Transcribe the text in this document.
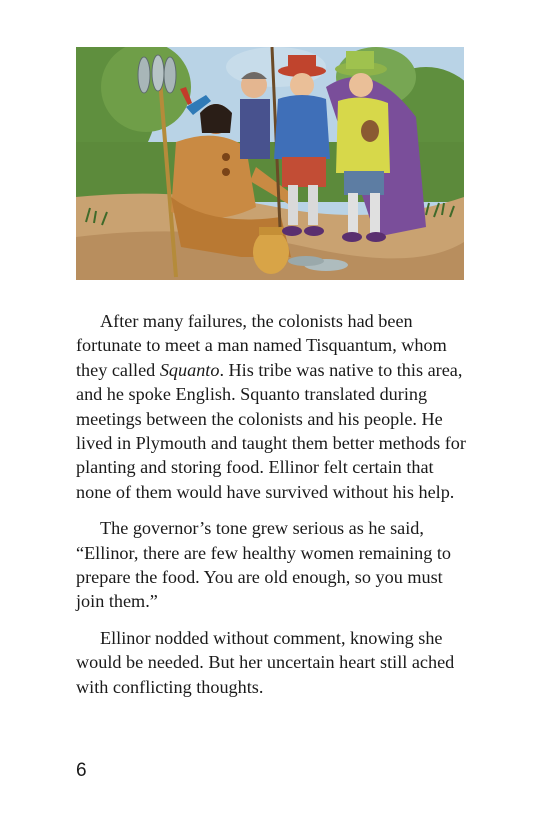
After many failures, the colonists had been fortunate to meet a man named Tisquantum, whom they called Squanto. His tribe was native to this area, and he spoke English. Squanto translated during meetings between the colonists and his people. He lived in Plymouth and taught them better methods for planting and storing food. Ellinor felt certain that none of them would have survived without his help.

The governor’s tone grew serious as he said, “Ellinor, there are few healthy women remaining to prepare the food. You are old enough, so you must join them.”

Ellinor nodded without comment, knowing she would be needed. But her uncertain heart still ached with conflicting thoughts.

6
